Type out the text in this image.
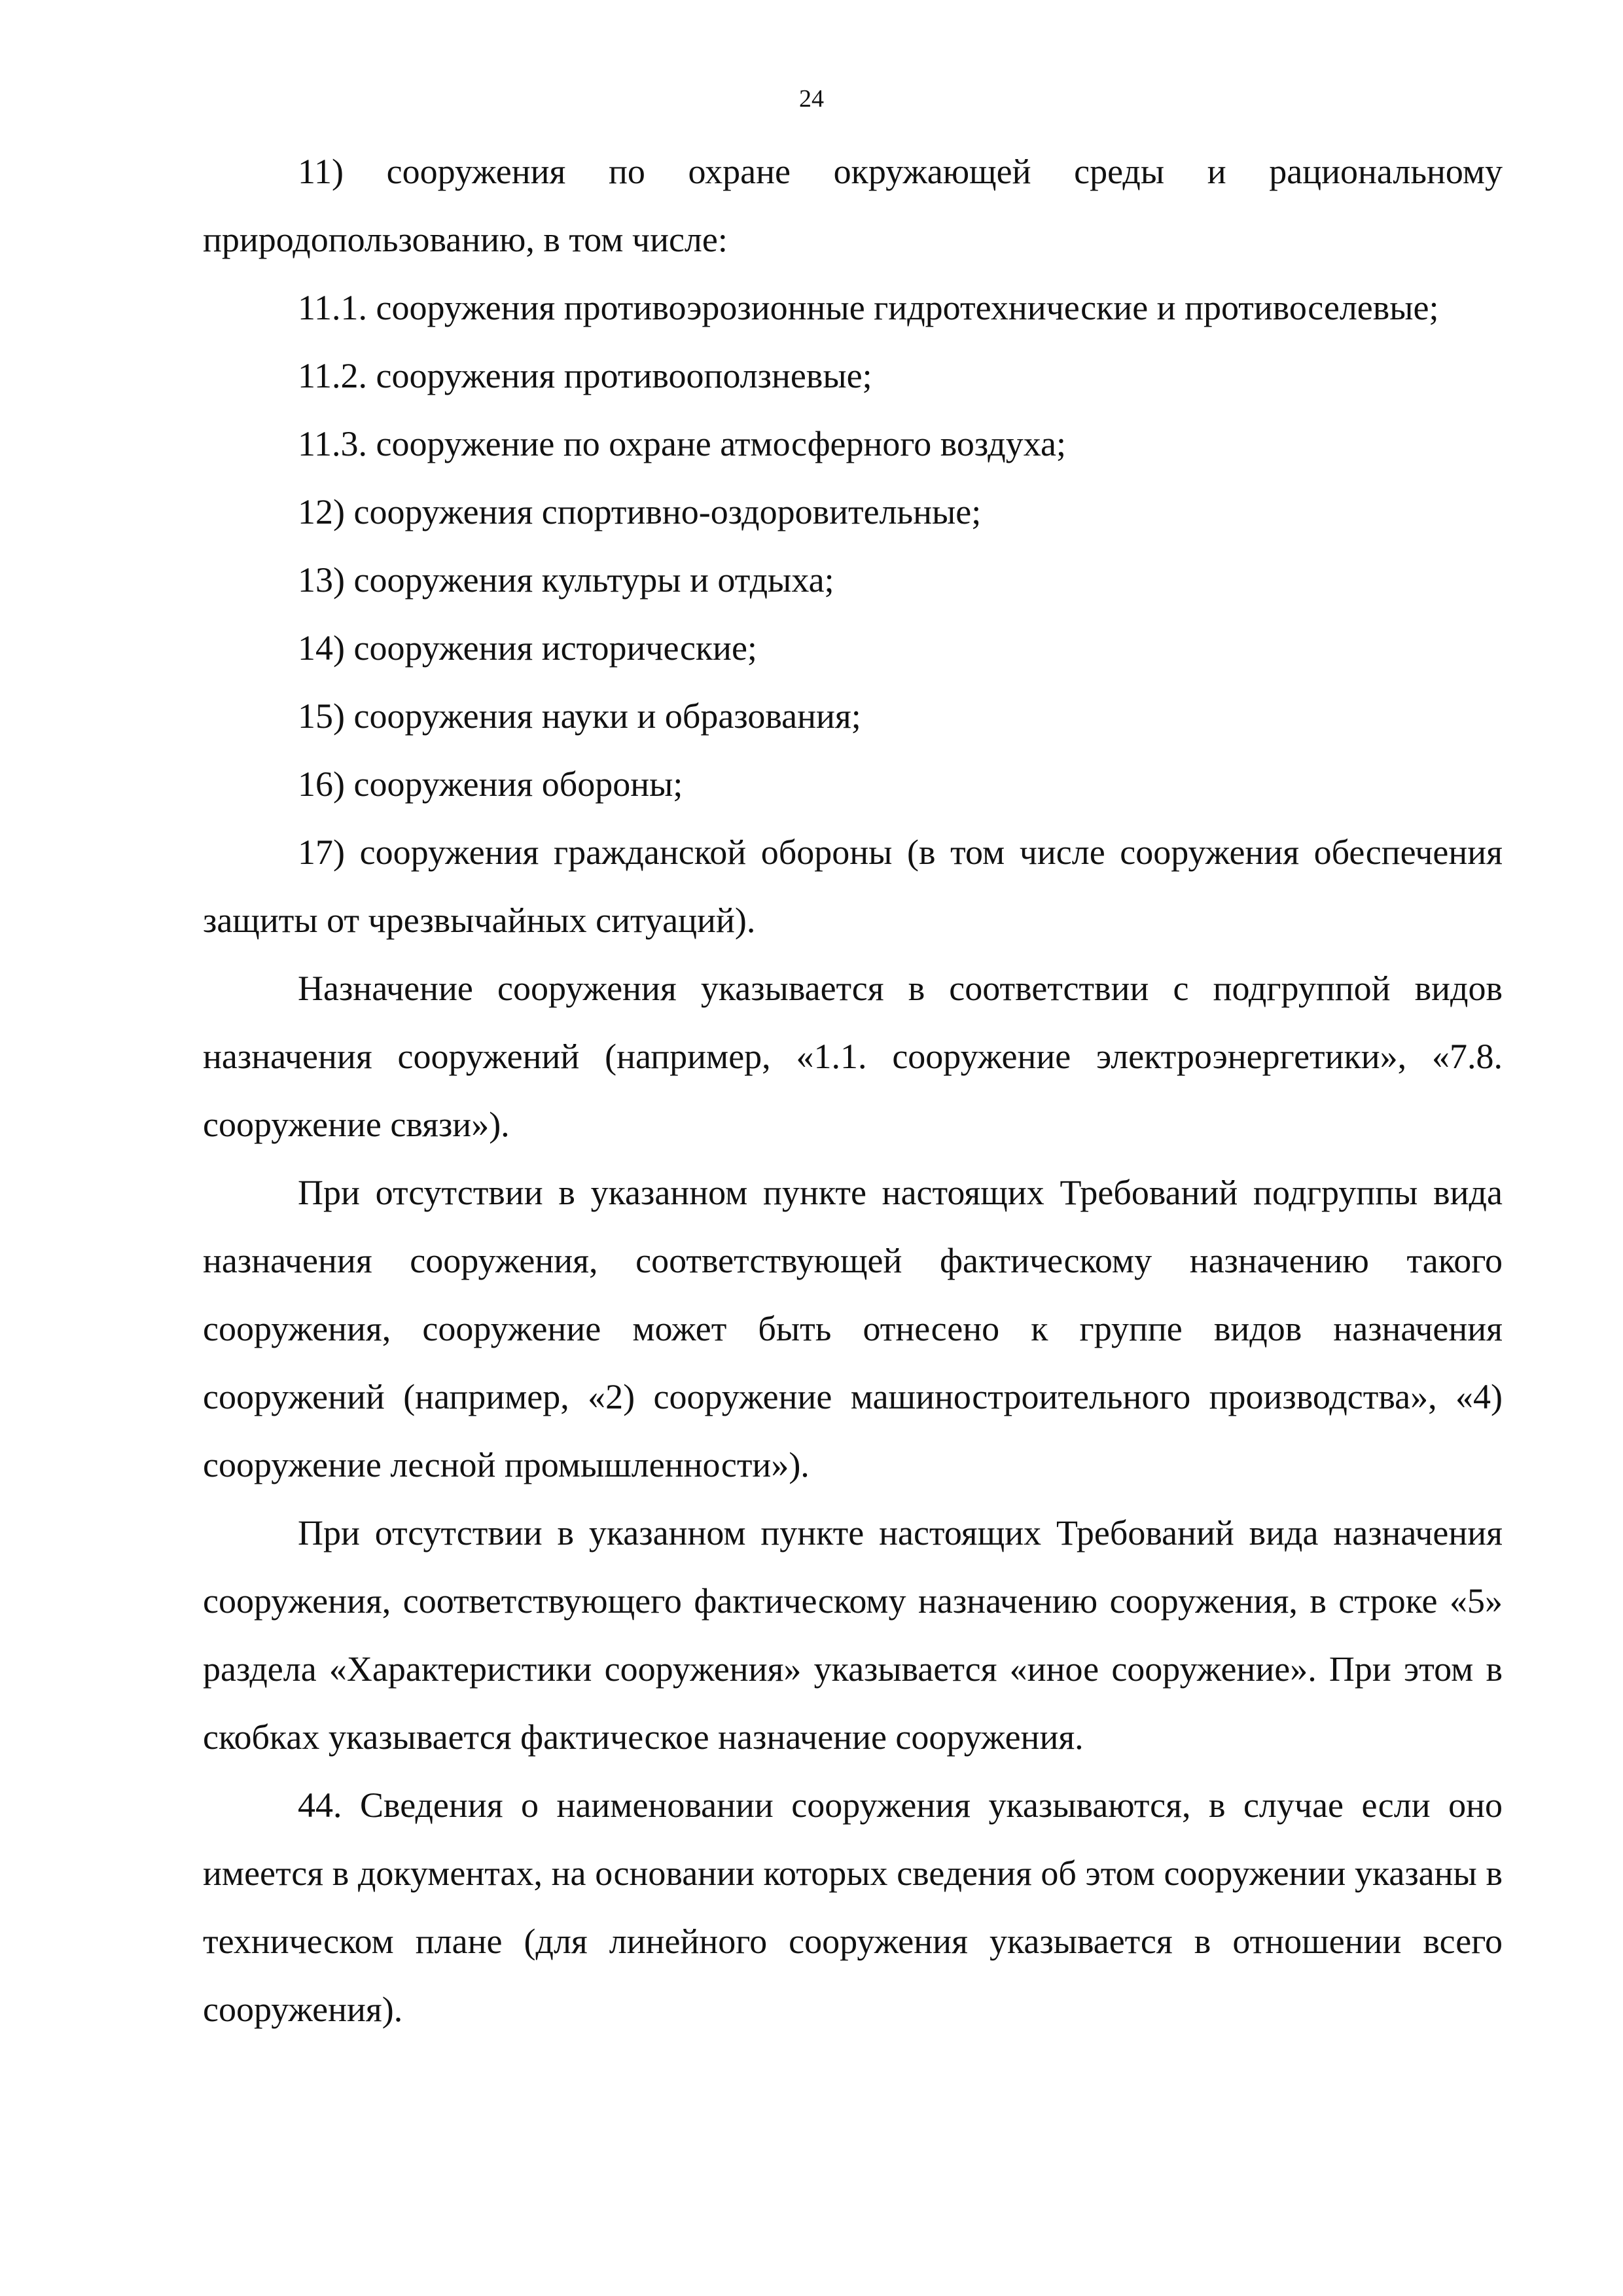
24

11) сооружения по охране окружающей среды и рациональному природопользованию, в том числе:

11.1. сооружения противоэрозионные гидротехнические и противоселевые;

11.2. сооружения противооползневые;

11.3. сооружение по охране атмосферного воздуха;

12) сооружения спортивно-оздоровительные;

13) сооружения культуры и отдыха;

14) сооружения исторические;

15) сооружения науки и образования;

16) сооружения обороны;

17) сооружения гражданской обороны (в том числе сооружения обеспечения защиты от чрезвычайных ситуаций).

Назначение сооружения указывается в соответствии с подгруппой видов назначения сооружений (например, «1.1. сооружение электроэнергетики», «7.8. сооружение связи»).

При отсутствии в указанном пункте настоящих Требований подгруппы вида назначения сооружения, соответствующей фактическому назначению такого сооружения, сооружение может быть отнесено к группе видов назначения сооружений (например, «2) сооружение машиностроительного производства», «4) сооружение лесной промышленности»).

При отсутствии в указанном пункте настоящих Требований вида назначения сооружения, соответствующего фактическому назначению сооружения, в строке «5» раздела «Характеристики сооружения» указывается «иное сооружение». При этом в скобках указывается фактическое назначение сооружения.

44. Сведения о наименовании сооружения указываются, в случае если оно имеется в документах, на основании которых сведения об этом сооружении указаны в техническом плане (для линейного сооружения указывается в отношении всего сооружения).
